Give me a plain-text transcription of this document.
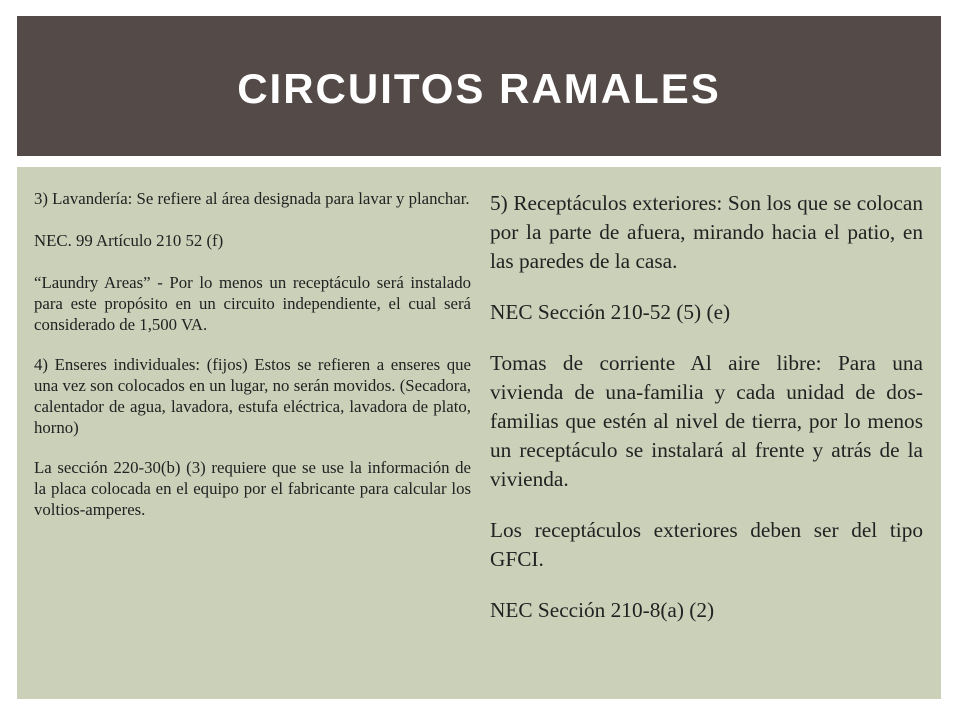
CIRCUITOS RAMALES

3) Lavandería: Se refiere al área designada para lavar y planchar.

NEC. 99 Artículo 210 52 (f)

“Laundry Areas” - Por lo menos un receptáculo será instalado para este propósito en un circuito independiente, el cual será considerado de 1,500 VA.

4) Enseres individuales: (fijos) Estos se refieren a enseres que una vez son colocados en un lugar, no serán movidos. (Secadora, calentador de agua, lavadora, estufa eléctrica, lavadora de plato, horno)

La sección 220-30(b) (3) requiere que se use la información de la placa colocada en el equipo por el fabricante para calcular los voltios-amperes.

5) Receptáculos exteriores: Son los que se colocan por la parte de afuera, mirando hacia el patio, en las paredes de la casa.

NEC Sección 210-52 (5) (e)

Tomas de corriente Al aire libre: Para una vivienda de una-familia y cada unidad de dos-familias que estén al nivel de tierra, por lo menos un receptáculo se instalará al frente y atrás de la vivienda.

Los receptáculos exteriores deben ser del tipo GFCI.

NEC Sección 210-8(a) (2)
